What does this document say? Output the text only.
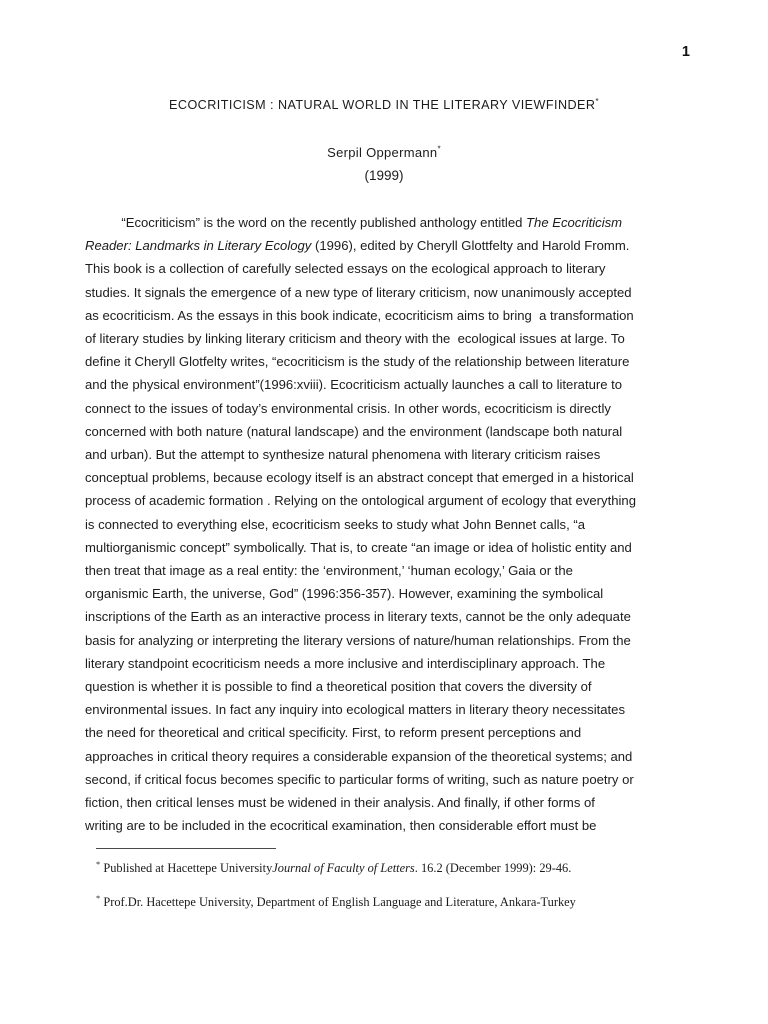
1
ECOCRITICISM : NATURAL WORLD IN THE LITERARY VIEWFINDER*
Serpil Oppermann*
(1999)
“Ecocriticism” is the word on the recently published anthology entitled The Ecocriticism
Reader: Landmarks in Literary Ecology (1996), edited by Cheryll Glottfelty and Harold Fromm.
This book is a collection of carefully selected essays on the ecological approach to literary
studies. It signals the emergence of a new type of literary criticism, now unanimously accepted
as ecocriticism. As the essays in this book indicate, ecocriticism aims to bring  a transformation
of literary studies by linking literary criticism and theory with the  ecological issues at large. To
define it Cheryll Glotfelty writes, “ecocriticism is the study of the relationship between literature
and the physical environment”(1996:xviii). Ecocriticism actually launches a call to literature to
connect to the issues of today’s environmental crisis. In other words, ecocriticism is directly
concerned with both nature (natural landscape) and the environment (landscape both natural
and urban). But the attempt to synthesize natural phenomena with literary criticism raises
conceptual problems, because ecology itself is an abstract concept that emerged in a historical
process of academic formation . Relying on the ontological argument of ecology that everything
is connected to everything else, ecocriticism seeks to study what John Bennet calls, “a
multiorganismic concept” symbolically. That is, to create “an image or idea of holistic entity and
then treat that image as a real entity: the ‘environment,’ ‘human ecology,’ Gaia or the
organismic Earth, the universe, God” (1996:356-357). However, examining the symbolical
inscriptions of the Earth as an interactive process in literary texts, cannot be the only adequate
basis for analyzing or interpreting the literary versions of nature/human relationships. From the
literary standpoint ecocriticism needs a more inclusive and interdisciplinary approach. The
question is whether it is possible to find a theoretical position that covers the diversity of
environmental issues. In fact any inquiry into ecological matters in literary theory necessitates
the need for theoretical and critical specificity. First, to reform present perceptions and
approaches in critical theory requires a considerable expansion of the theoretical systems; and
second, if critical focus becomes specific to particular forms of writing, such as nature poetry or
fiction, then critical lenses must be widened in their analysis. And finally, if other forms of
writing are to be included in the ecocritical examination, then considerable effort must be
* Published at Hacettepe UniversityJournal of Faculty of Letters. 16.2 (December 1999): 29-46.
* Prof.Dr. Hacettepe University, Department of English Language and Literature, Ankara-Turkey
